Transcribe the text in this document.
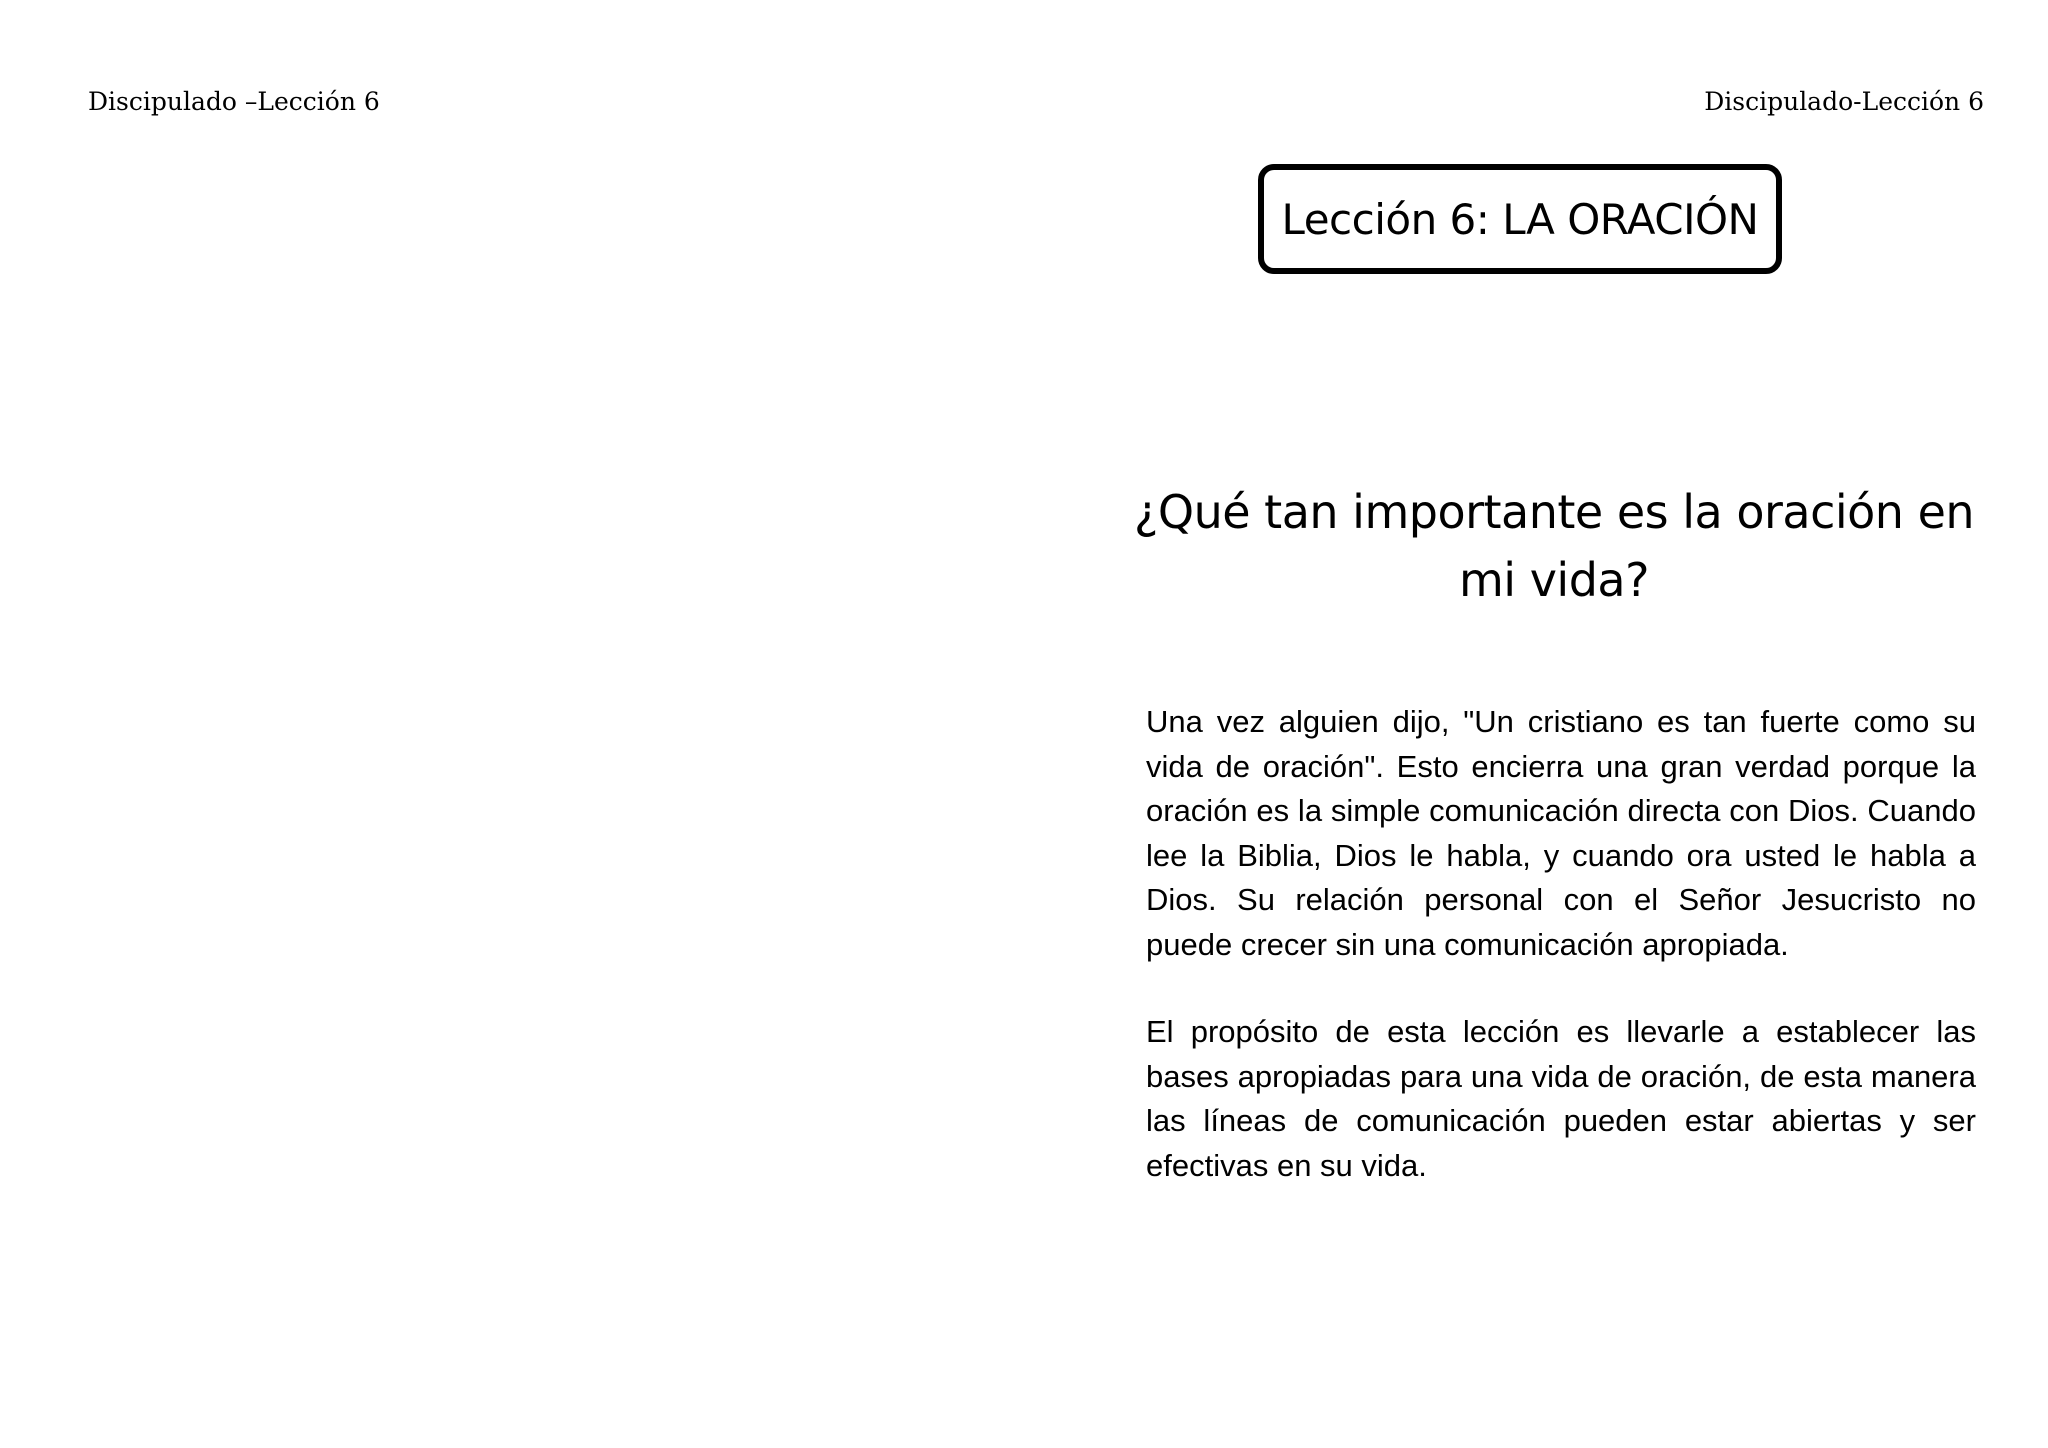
Discipulado –Lección 6	Discipulado-Lección 6
Lección 6: LA ORACIÓN
¿Qué tan importante es la oración en mi vida?

Una vez alguien dijo, "Un cristiano es tan fuerte como su vida de oración". Esto encierra una gran verdad porque la oración es la simple comunicación directa con Dios. Cuando lee la Biblia, Dios le habla, y cuando ora usted le habla a Dios. Su relación personal con el Señor Jesucristo no puede crecer sin una comunicación apropiada.

El propósito de esta lección es llevarle a establecer las bases apropiadas para una vida de oración, de esta manera las líneas de comunicación pueden estar abiertas y ser efectivas en su vida.
